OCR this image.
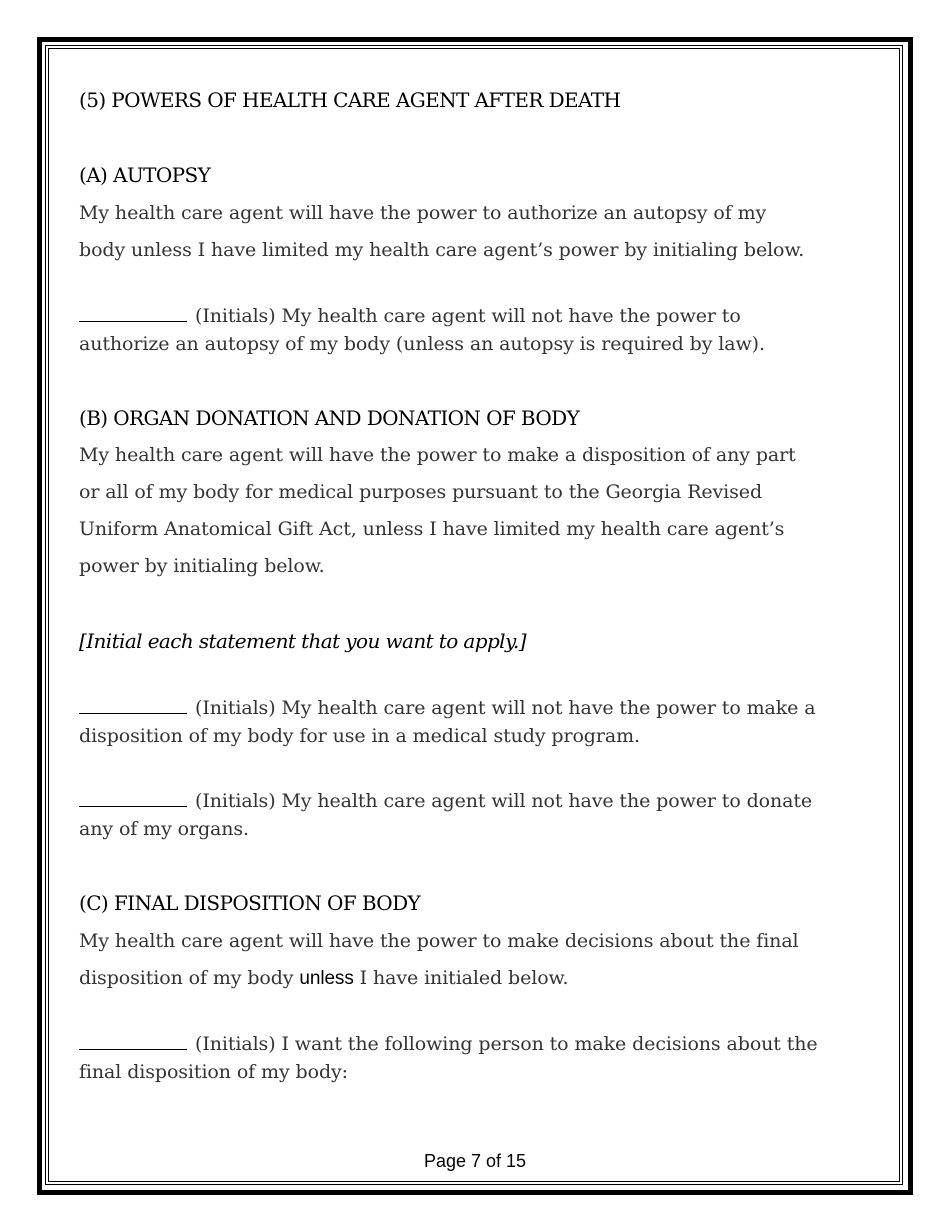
(5) POWERS OF HEALTH CARE AGENT AFTER DEATH
(A) AUTOPSY
My health care agent will have the power to authorize an autopsy of my
body unless I have limited my health care agent’s power by initialing below.
(Initials) My health care agent will not have the power to
authorize an autopsy of my body (unless an autopsy is required by law).
(B) ORGAN DONATION AND DONATION OF BODY
My health care agent will have the power to make a disposition of any part
or all of my body for medical purposes pursuant to the Georgia Revised
Uniform Anatomical Gift Act, unless I have limited my health care agent’s
power by initialing below.
[Initial each statement that you want to apply.]
(Initials) My health care agent will not have the power to make a
disposition of my body for use in a medical study program.
(Initials) My health care agent will not have the power to donate
any of my organs.
(C) FINAL DISPOSITION OF BODY
My health care agent will have the power to make decisions about the final
disposition of my body unless I have initialed below.
(Initials) I want the following person to make decisions about the
final disposition of my body:
Page 7 of 15
